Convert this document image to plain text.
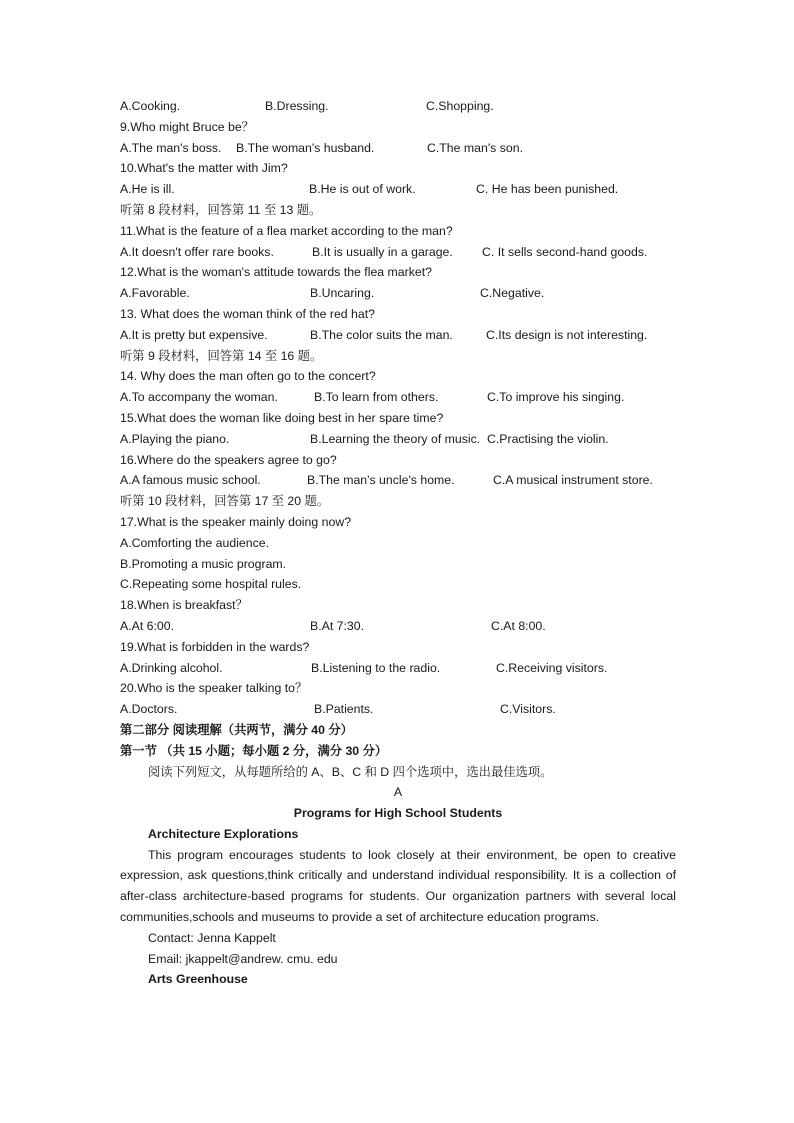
A.Cooking.	B.Dressing.	C.Shopping.
9.Who might Bruce be？
A.The man's boss. B.The woman's husband.	C.The man's son.
10.What's the matter with Jim?
A.He is ill.	B.He is out of work.	C. He has been punished.
听第 8 段材料，回答第 11 至 13 题。
11.What is the feature of a flea market according to the man?
A.It doesn't offer rare books.	B.It is usually in a garage. C. It sells second-hand goods.
12.What is the woman's attitude towards the flea market?
A.Favorable.	B.Uncaring.	C.Negative.
13. What does the woman think of the red hat?
A.It is pretty but expensive.	B.The color suits the man.	C.Its design is not interesting.
听第 9 段材料，回答第 14 至 16 题。
14. Why does the man often go to the concert?
A.To accompany the woman.	B.To learn from others.	C.To improve his singing.
15.What does the woman like doing best in her spare time?
A.Playing the piano.	B.Learning the theory of music. C.Practising the violin.
16.Where do the speakers agree to go?
A.A famous music school.	B.The man's uncle's home.	C.A musical instrument store.
听第 10 段材料，回答第 17 至 20 题。
17.What is the speaker mainly doing now?
A.Comforting the audience.
B.Promoting a music program.
C.Repeating some hospital rules.
18.When is breakfast？
A.At 6:00.	B.At 7:30.	C.At 8:00.
19.What is forbidden in the wards?
A.Drinking alcohol.	B.Listening to the radio.	C.Receiving visitors.
20.Who is the speaker talking to？
A.Doctors.	B.Patients.	C.Visitors.
第二部分 阅读理解（共两节，满分 40 分）
第一节 （共 15 小题；每小题 2 分，满分 30 分）
阅读下列短文，从每题所给的 A、B、C 和 D 四个选项中，选出最佳选项。
A
Programs for High School Students
Architecture Explorations
This program encourages students to look closely at their environment, be open to creative expression, ask questions,think critically and understand individual responsibility. It is a collection of after-class architecture-based programs for students. Our organization partners with several local communities,schools and museums to provide a set of architecture education programs.
Contact: Jenna Kappelt
Email: jkappelt@andrew. cmu. edu
Arts Greenhouse
